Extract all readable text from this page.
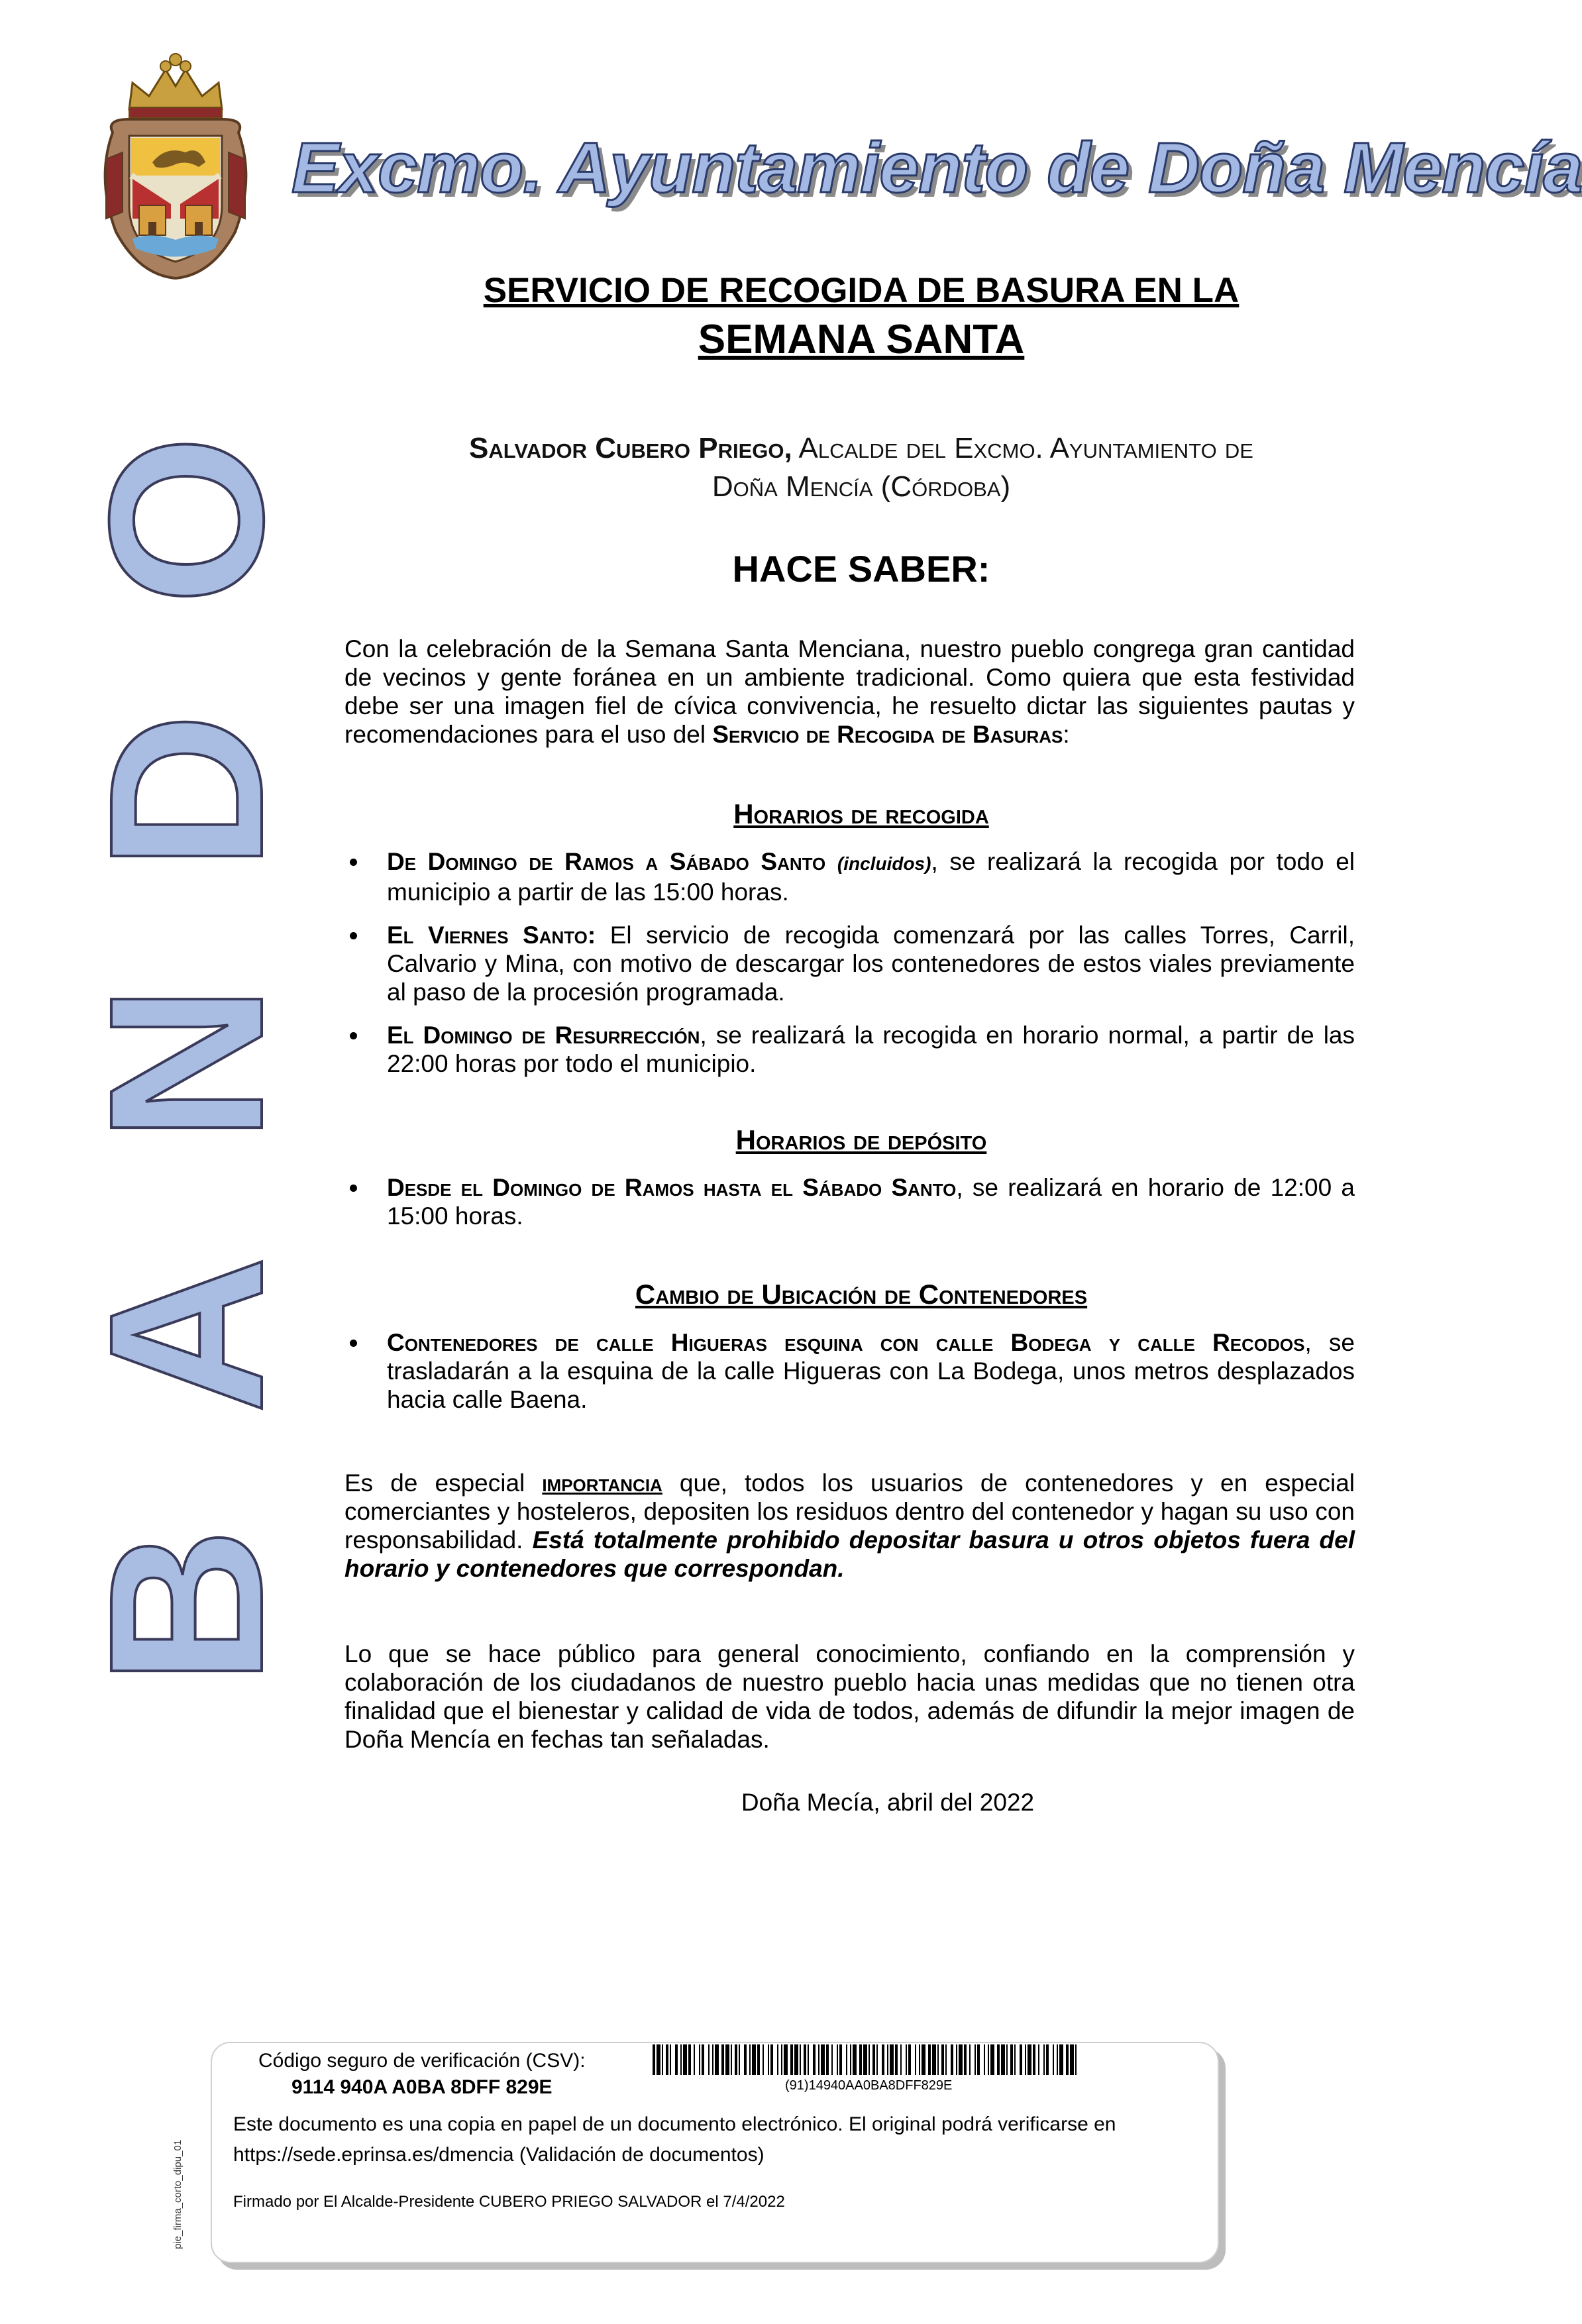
Excmo. Ayuntamiento de Doña Mencía
B
A
N
D
O
SERVICIO DE RECOGIDA DE BASURA EN LA
SEMANA SANTA
Salvador Cubero Priego, Alcalde del Excmo. Ayuntamiento de
Doña Mencía (Córdoba)
HACE SABER:
Con la celebración de la Semana Santa Menciana, nuestro pueblo congrega gran cantidad de vecinos y gente foránea en un ambiente tradicional. Como quiera que esta festividad debe ser una imagen fiel de cívica convivencia, he resuelto dictar las siguientes pautas y recomendaciones para el uso del Servicio de Recogida de Basuras:
Horarios de recogida
De Domingo de Ramos a Sábado Santo (incluidos), se realizará la recogida por todo el municipio a partir de las 15:00 horas.
El Viernes Santo: El servicio de recogida comenzará por las calles Torres, Carril, Calvario y Mina, con motivo de descargar los contenedores de estos viales previamente al paso de la procesión programada.
El Domingo de Resurrección, se realizará la recogida en horario normal, a partir de las 22:00 horas por todo el municipio.
Horarios de depósito
Desde el Domingo de Ramos hasta el Sábado Santo, se realizará en horario de 12:00 a 15:00 horas.
Cambio de Ubicación de Contenedores
Contenedores de calle Higueras esquina con calle Bodega y calle Recodos, se trasladarán a la esquina de la calle Higueras con La Bodega, unos metros desplazados hacia calle Baena.
Es de especial importancia que, todos los usuarios de contenedores y en especial comerciantes y hosteleros, depositen los residuos dentro del contenedor y hagan su uso con responsabilidad. Está totalmente prohibido depositar basura u otros objetos fuera del horario y contenedores que correspondan.
Lo que se hace público para general conocimiento, confiando en la comprensión y colaboración de los ciudadanos de nuestro pueblo hacia unas medidas que no tienen otra finalidad que el bienestar y calidad de vida de todos, además de difundir la mejor imagen de Doña Mencía en fechas tan señaladas.
Doña Mecía, abril del 2022
Código seguro de verificación (CSV):
9114 940A A0BA 8DFF 829E	(91)14940AA0BA8DFF829E
Este documento es una copia en papel de un documento electrónico. El original podrá verificarse en
https://sede.eprinsa.es/dmencia (Validación de documentos)
Firmado por El Alcalde-Presidente CUBERO PRIEGO SALVADOR el 7/4/2022
pie_firma_corto_dipu_01
